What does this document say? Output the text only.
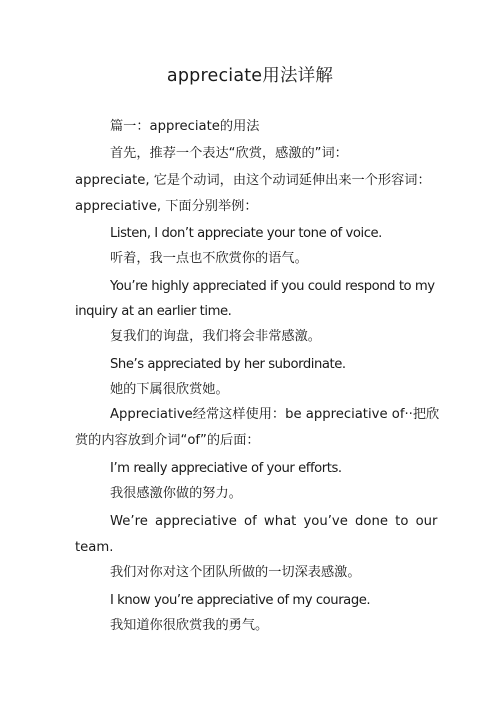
appreciate用法详解
篇一：appreciate的用法
首先，推荐一个表达“欣赏，感激的”词：
appreciate, 它是个动词，由这个动词延伸出来一个形容词：
appreciative, 下面分别举例：
Listen, I don’t appreciate your tone of voice.
听着，我一点也不欣赏你的语气。
You’re highly appreciated if you could respond to my
inquiry at an earlier time.
复我们的询盘，我们将会非常感激。
She’s appreciated by her subordinate.
她的下属很欣赏她。
Appreciative经常这样使用：be appreciative of··把欣
赏的内容放到介词“of”的后面：
I’m really appreciative of your efforts.
我很感激你做的努力。
We’re appreciative of what you’ve done to our
team.
我们对你对这个团队所做的一切深表感激。
I know you’re appreciative of my courage.
我知道你很欣赏我的勇气。
